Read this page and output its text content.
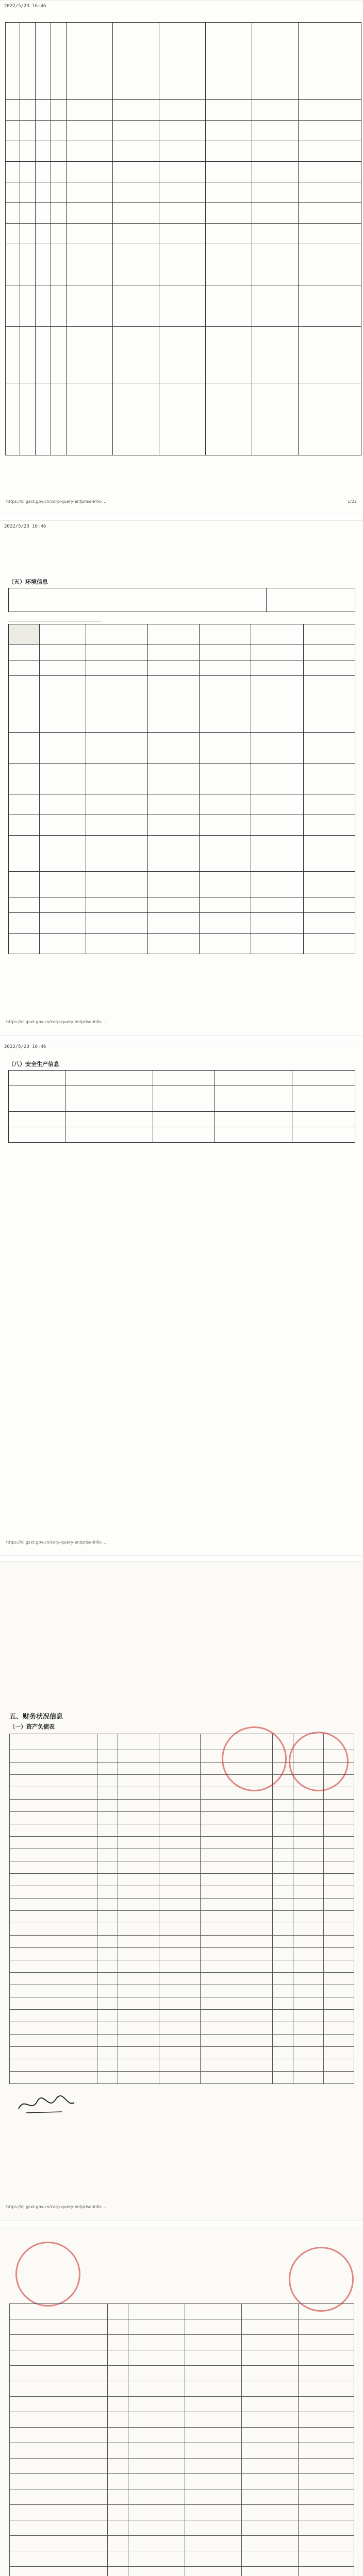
2022/5/23 16:46

https://ci.gsxt.gov.cn/corp-query-entprise-info-...	1/22
2022/5/23 16:46
（五）环境信息

https://ci.gsxt.gov.cn/corp-query-entprise-info-...
2022/5/23 16:46
（八）安全生产信息

https://ci.gsxt.gov.cn/corp-query-entprise-info-...
五、财务状况信息
（一）资产负债表

https://ci.gsxt.gov.cn/corp-query-entprise-info-...
